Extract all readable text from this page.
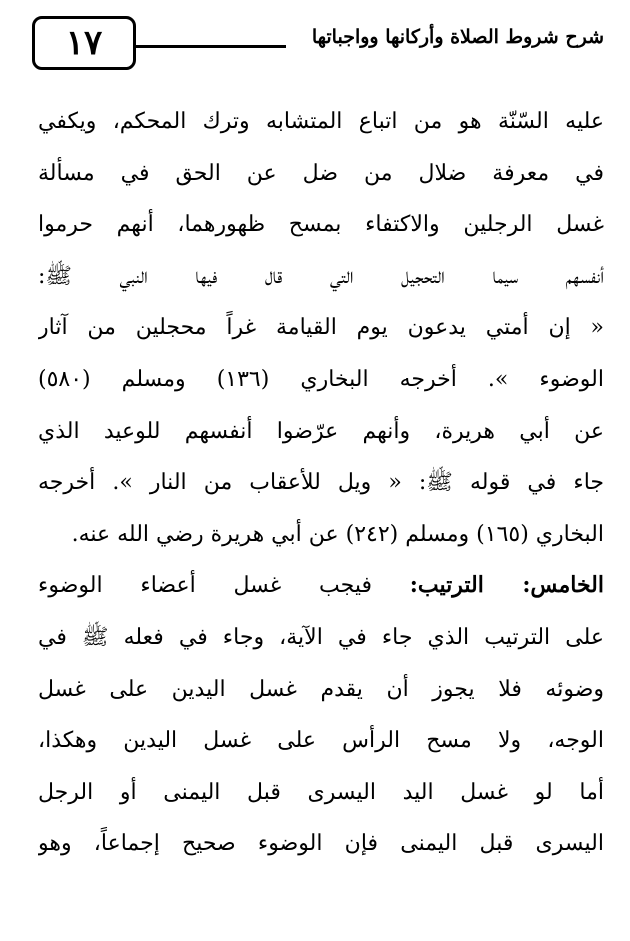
١٧	شرح شروط الصلاة وأركانها وواجباتها
عليه السّنّة هو من اتباع المتشابه وترك المحكم، ويكفي
في معرفة ضلال من ضل عن الحق في مسألة
غسل الرجلين والاكتفاء بمسح ظهورهما، أنهم حرموا
أنفسهم سيما التحجيل التي قال فيها النبي ﷺ:
« إن أمتي يدعون يوم القيامة غراً محجلين من آثار
الوضوء ». أخرجه البخاري (١٣٦) ومسلم (٥٨٠)
عن أبي هريرة، وأنهم عرّضوا أنفسهم للوعيد الذي
جاء في قوله ﷺ: « ويل للأعقاب من النار ». أخرجه
البخاري (١٦٥) ومسلم (٢٤٢) عن أبي هريرة رضي الله عنه.
الخامس: الترتيب: فيجب غسل أعضاء الوضوء
على الترتيب الذي جاء في الآية، وجاء في فعله ﷺ في
وضوئه فلا يجوز أن يقدم غسل اليدين على غسل
الوجه، ولا مسح الرأس على غسل اليدين وهكذا،
أما لو غسل اليد اليسرى قبل اليمنى أو الرجل
اليسرى قبل اليمنى فإن الوضوء صحيح إجماعاً، وهو
